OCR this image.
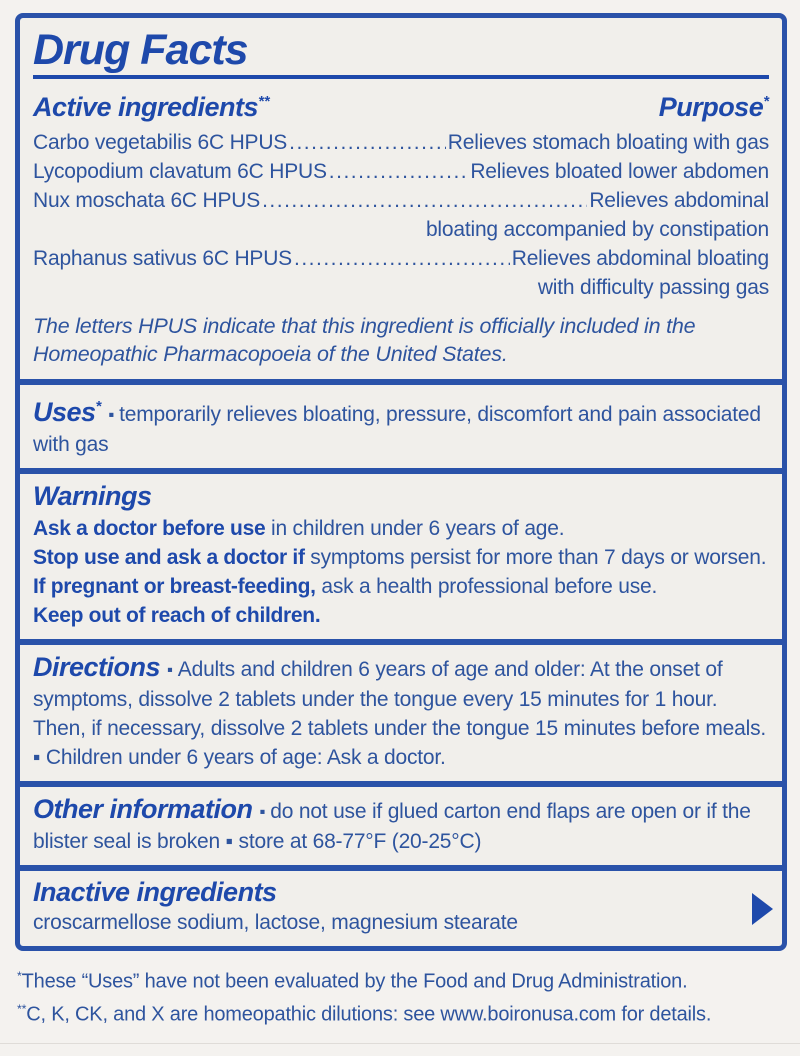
Drug Facts
Active ingredients**	Purpose*
Carbo vegetabilis 6C HPUS .....	Relieves stomach bloating with gas
Lycopodium clavatum 6C HPUS .....	Relieves bloated lower abdomen
Nux moschata 6C HPUS .....	Relieves abdominal
bloating accompanied by constipation
Raphanus sativus 6C HPUS .....	Relieves abdominal bloating
with difficulty passing gas

The letters HPUS indicate that this ingredient is officially included in the Homeopathic Pharmacopoeia of the United States.

Uses* ▪ temporarily relieves bloating, pressure, discomfort and pain associated with gas

Warnings

Ask a doctor before use in children under 6 years of age.

Stop use and ask a doctor if symptoms persist for more than 7 days or worsen.

If pregnant or breast-feeding, ask a health professional before use.

Keep out of reach of children.

Directions ▪ Adults and children 6 years of age and older: At the onset of symptoms, dissolve 2 tablets under the tongue every 15 minutes for 1 hour. Then, if necessary, dissolve 2 tablets under the tongue 15 minutes before meals. ▪ Children under 6 years of age: Ask a doctor.

Other information ▪ do not use if glued carton end flaps are open or if the blister seal is broken ▪ store at 68-77°F (20-25°C)

Inactive ingredients
croscarmellose sodium, lactose, magnesium stearate

*These “Uses” have not been evaluated by the Food and Drug Administration.

**C, K, CK, and X are homeopathic dilutions: see www.boironusa.com for details.
